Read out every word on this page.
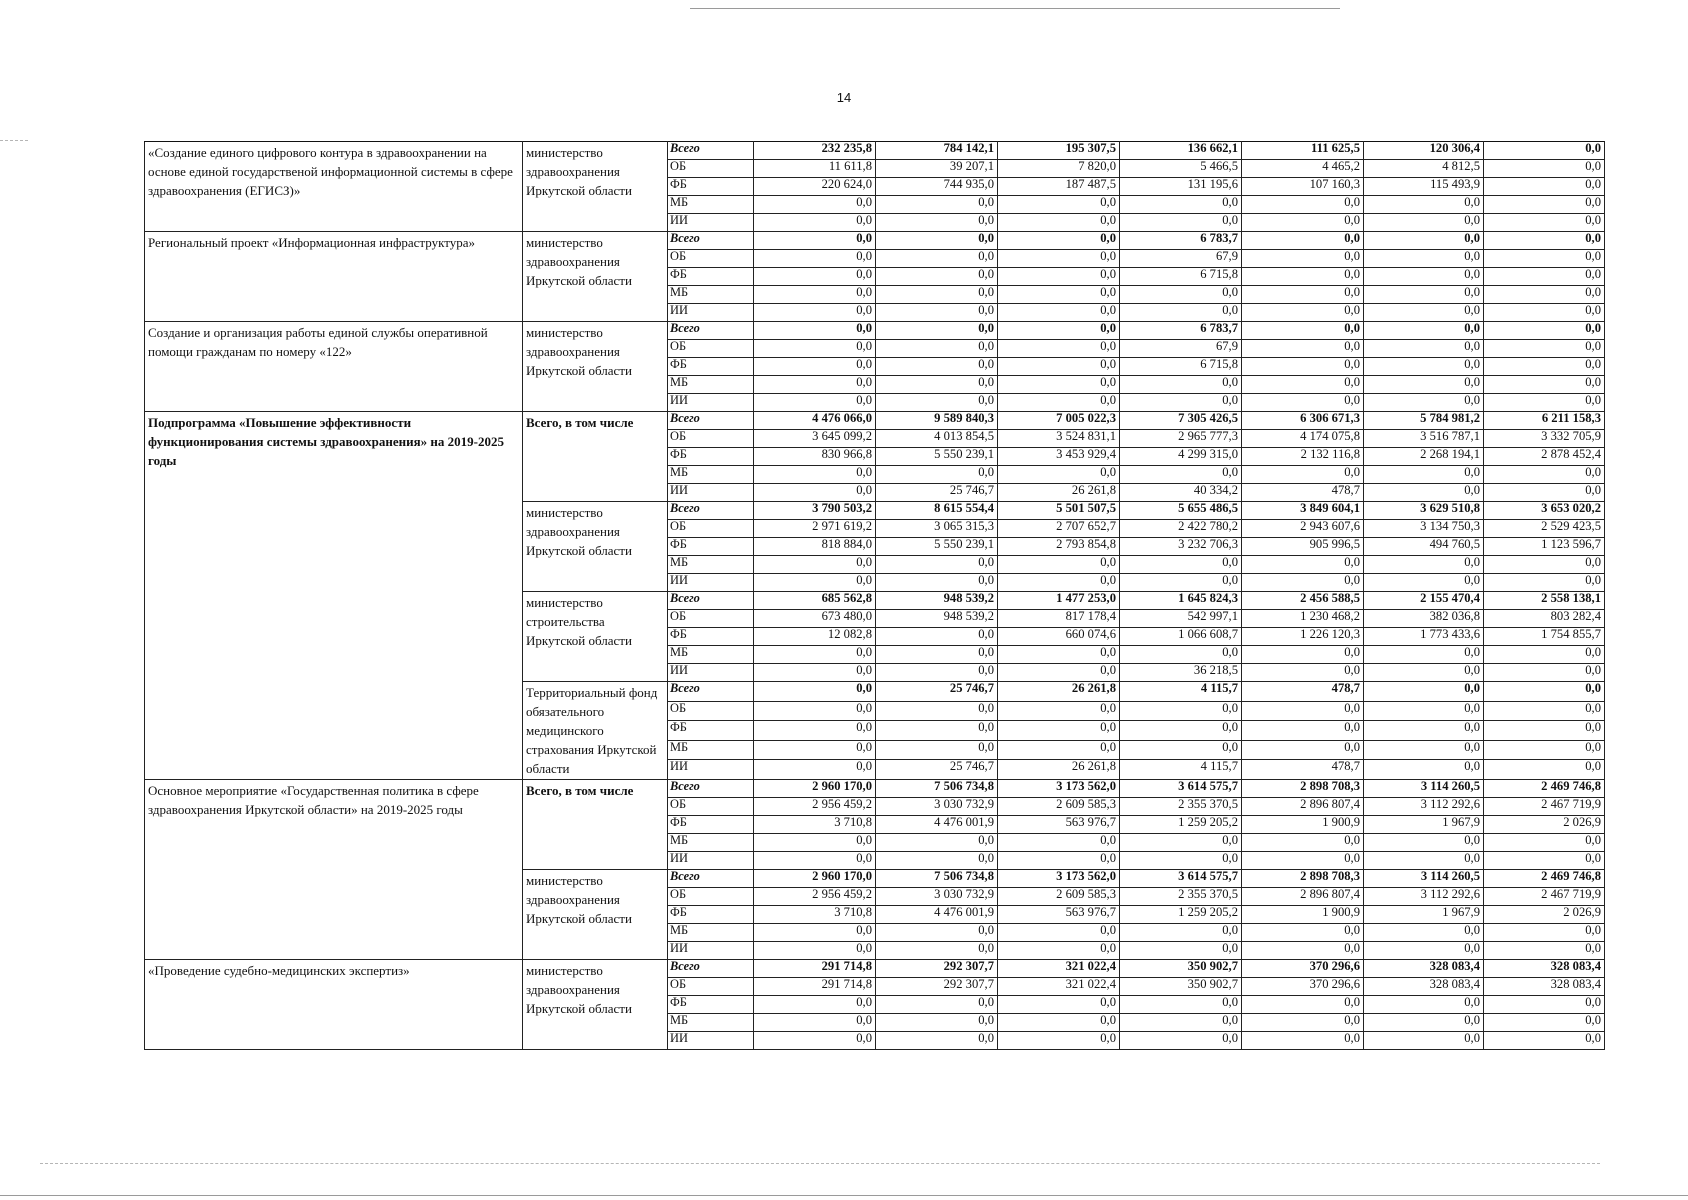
14
«Создание единого цифрового контура в здравоохранении на основе единой государственой информационной системы в сфере здравоохранения (ЕГИСЗ)»	министерство здравоохранения Иркутской области	Всего	232 235,8	784 142,1	195 307,5	136 662,1	111 625,5	120 306,4	0,0
		ОБ	11 611,8	39 207,1	7 820,0	5 466,5	4 465,2	4 812,5	0,0
		ФБ	220 624,0	744 935,0	187 487,5	131 195,6	107 160,3	115 493,9	0,0
		МБ	0,0	0,0	0,0	0,0	0,0	0,0	0,0
		ИИ	0,0	0,0	0,0	0,0	0,0	0,0	0,0
Региональный проект «Информационная инфраструктура»	министерство здравоохранения Иркутской области	Всего	0,0	0,0	0,0	6 783,7	0,0	0,0	0,0
		ОБ	0,0	0,0	0,0	67,9	0,0	0,0	0,0
		ФБ	0,0	0,0	0,0	6 715,8	0,0	0,0	0,0
		МБ	0,0	0,0	0,0	0,0	0,0	0,0	0,0
		ИИ	0,0	0,0	0,0	0,0	0,0	0,0	0,0
Создание и организация работы единой службы оперативной помощи гражданам по номеру «122»	министерство здравоохранения Иркутской области	Всего	0,0	0,0	0,0	6 783,7	0,0	0,0	0,0
		ОБ	0,0	0,0	0,0	67,9	0,0	0,0	0,0
		ФБ	0,0	0,0	0,0	6 715,8	0,0	0,0	0,0
		МБ	0,0	0,0	0,0	0,0	0,0	0,0	0,0
		ИИ	0,0	0,0	0,0	0,0	0,0	0,0	0,0
Подпрограмма «Повышение эффективности функционирования системы здравоохранения» на 2019-2025 годы	Всего, в том числе	Всего	4 476 066,0	9 589 840,3	7 005 022,3	7 305 426,5	6 306 671,3	5 784 981,2	6 211 158,3
		ОБ	3 645 099,2	4 013 854,5	3 524 831,1	2 965 777,3	4 174 075,8	3 516 787,1	3 332 705,9
		ФБ	830 966,8	5 550 239,1	3 453 929,4	4 299 315,0	2 132 116,8	2 268 194,1	2 878 452,4
		МБ	0,0	0,0	0,0	0,0	0,0	0,0	0,0
		ИИ	0,0	25 746,7	26 261,8	40 334,2	478,7	0,0	0,0
	министерство здравоохранения Иркутской области	Всего	3 790 503,2	8 615 554,4	5 501 507,5	5 655 486,5	3 849 604,1	3 629 510,8	3 653 020,2
		ОБ	2 971 619,2	3 065 315,3	2 707 652,7	2 422 780,2	2 943 607,6	3 134 750,3	2 529 423,5
		ФБ	818 884,0	5 550 239,1	2 793 854,8	3 232 706,3	905 996,5	494 760,5	1 123 596,7
		МБ	0,0	0,0	0,0	0,0	0,0	0,0	0,0
		ИИ	0,0	0,0	0,0	0,0	0,0	0,0	0,0
	министерство строительства Иркутской области	Всего	685 562,8	948 539,2	1 477 253,0	1 645 824,3	2 456 588,5	2 155 470,4	2 558 138,1
		ОБ	673 480,0	948 539,2	817 178,4	542 997,1	1 230 468,2	382 036,8	803 282,4
		ФБ	12 082,8	0,0	660 074,6	1 066 608,7	1 226 120,3	1 773 433,6	1 754 855,7
		МБ	0,0	0,0	0,0	0,0	0,0	0,0	0,0
		ИИ	0,0	0,0	0,0	36 218,5	0,0	0,0	0,0
	Территориальный фонд обязательного медицинского страхования Иркутской области	Всего	0,0	25 746,7	26 261,8	4 115,7	478,7	0,0	0,0
		ОБ	0,0	0,0	0,0	0,0	0,0	0,0	0,0
		ФБ	0,0	0,0	0,0	0,0	0,0	0,0	0,0
		МБ	0,0	0,0	0,0	0,0	0,0	0,0	0,0
		ИИ	0,0	25 746,7	26 261,8	4 115,7	478,7	0,0	0,0
Основное мероприятие «Государственная политика в сфере здравоохранения Иркутской области» на 2019-2025 годы	Всего, в том числе	Всего	2 960 170,0	7 506 734,8	3 173 562,0	3 614 575,7	2 898 708,3	3 114 260,5	2 469 746,8
		ОБ	2 956 459,2	3 030 732,9	2 609 585,3	2 355 370,5	2 896 807,4	3 112 292,6	2 467 719,9
		ФБ	3 710,8	4 476 001,9	563 976,7	1 259 205,2	1 900,9	1 967,9	2 026,9
		МБ	0,0	0,0	0,0	0,0	0,0	0,0	0,0
		ИИ	0,0	0,0	0,0	0,0	0,0	0,0	0,0
	министерство здравоохранения Иркутской области	Всего	2 960 170,0	7 506 734,8	3 173 562,0	3 614 575,7	2 898 708,3	3 114 260,5	2 469 746,8
		ОБ	2 956 459,2	3 030 732,9	2 609 585,3	2 355 370,5	2 896 807,4	3 112 292,6	2 467 719,9
		ФБ	3 710,8	4 476 001,9	563 976,7	1 259 205,2	1 900,9	1 967,9	2 026,9
		МБ	0,0	0,0	0,0	0,0	0,0	0,0	0,0
		ИИ	0,0	0,0	0,0	0,0	0,0	0,0	0,0
«Проведение судебно-медицинских экспертиз»	министерство здравоохранения Иркутской области	Всего	291 714,8	292 307,7	321 022,4	350 902,7	370 296,6	328 083,4	328 083,4
		ОБ	291 714,8	292 307,7	321 022,4	350 902,7	370 296,6	328 083,4	328 083,4
		ФБ	0,0	0,0	0,0	0,0	0,0	0,0	0,0
		МБ	0,0	0,0	0,0	0,0	0,0	0,0	0,0
		ИИ	0,0	0,0	0,0	0,0	0,0	0,0	0,0
